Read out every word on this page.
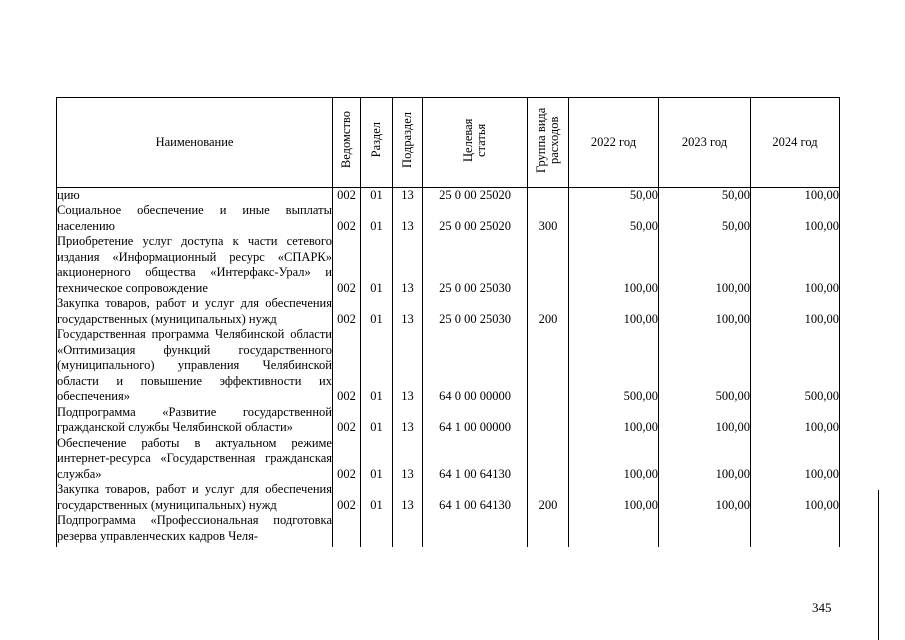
Наименование	Ведомство	Раздел	Подраздел	Целевая статья	Группа вида расходов	2022 год	2023 год	2024 год
цию	002	01	13	25 0 00 25020		50,00	50,00	100,00
Социальное обеспечение и иные выплаты населению	002	01	13	25 0 00 25020	300	50,00	50,00	100,00
Приобретение услуг доступа к части сетевого издания «Информационный ресурс «СПАРК» акционерного общества «Интерфакс-Урал» и техническое сопровождение	002	01	13	25 0 00 25030		100,00	100,00	100,00
Закупка товаров, работ и услуг для обеспечения государственных (муниципальных) нужд	002	01	13	25 0 00 25030	200	100,00	100,00	100,00
Государственная программа Челябинской области «Оптимизация функций государственного (муниципального) управления Челябинской области и повышение эффективности их обеспечения»	002	01	13	64 0 00 00000		500,00	500,00	500,00
Подпрограмма «Развитие государственной гражданской службы Челябинской области»	002	01	13	64 1 00 00000		100,00	100,00	100,00
Обеспечение работы в актуальном режиме интернет-ресурса «Государственная гражданская служба»	002	01	13	64 1 00 64130		100,00	100,00	100,00
Закупка товаров, работ и услуг для обеспечения государственных (муниципальных) нужд	002	01	13	64 1 00 64130	200	100,00	100,00	100,00
Подпрограмма «Профессиональная подготовка резерва управленческих кадров Челя-								
345
